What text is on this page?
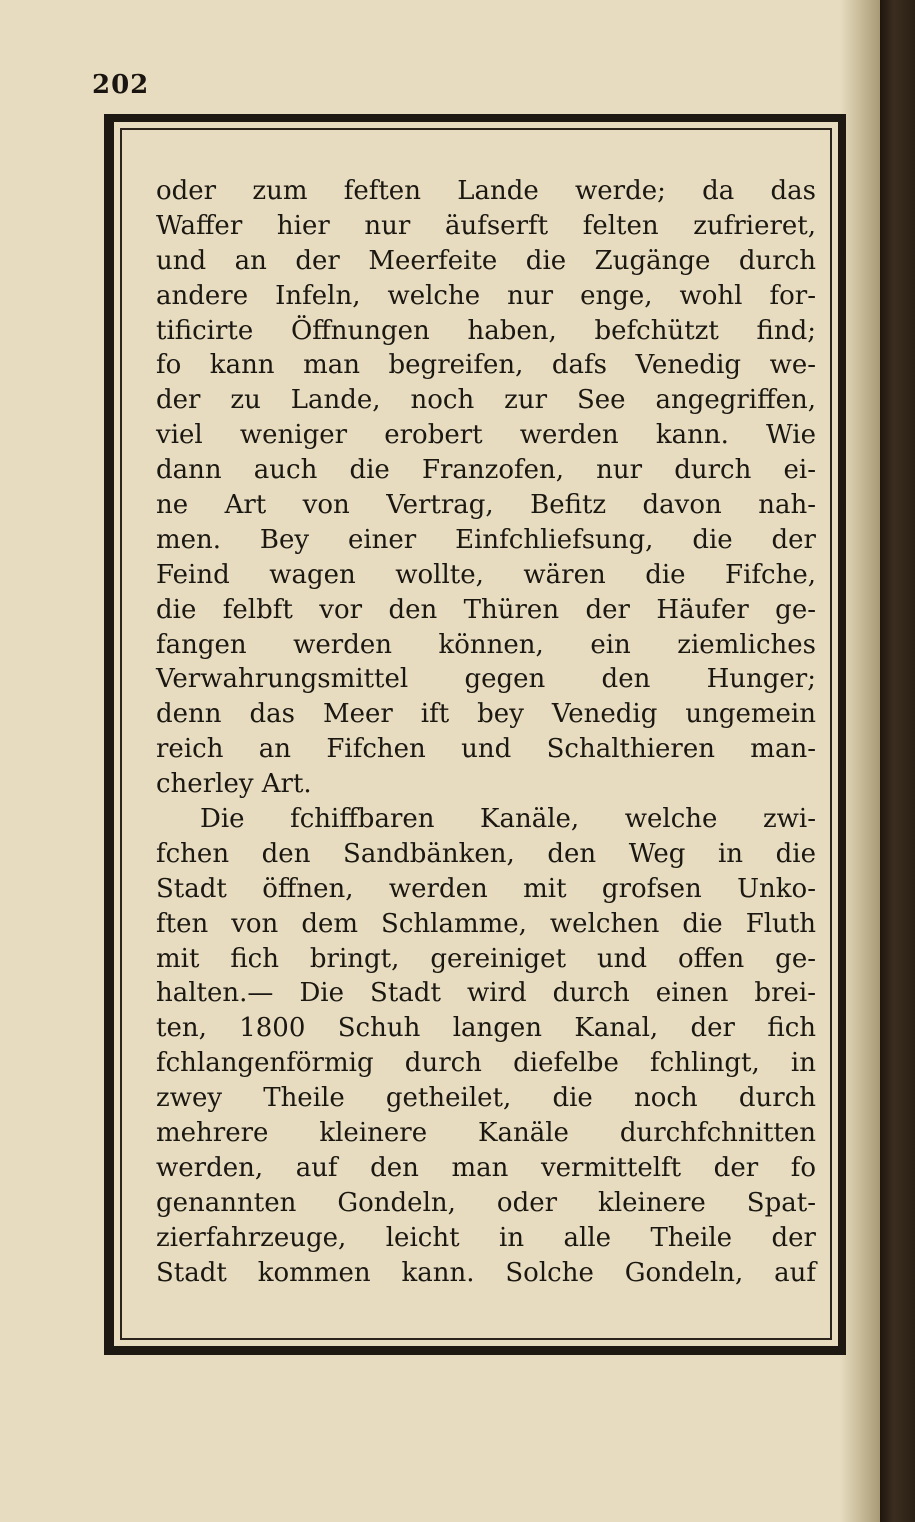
202
oder zum feften Lande werde; da das
Waffer hier nur äufserft felten zufrieret,
und an der Meerfeite die Zugänge durch
andere Infeln, welche nur enge, wohl for-
tificirte Öffnungen haben, befchützt find;
fo kann man begreifen, dafs Venedig we-
der zu Lande, noch zur See angegriffen,
viel weniger erobert werden kann. Wie
dann auch die Franzofen, nur durch ei-
ne Art von Vertrag, Befitz davon nah-
men. Bey einer Einfchliefsung, die der
Feind wagen wollte, wären die Fifche,
die felbft vor den Thüren der Häufer ge-
fangen werden können, ein ziemliches
Verwahrungsmittel gegen den Hunger;
denn das Meer ift bey Venedig ungemein
reich an Fifchen und Schalthieren man-
cherley Art.
Die fchiffbaren Kanäle, welche zwi-
fchen den Sandbänken, den Weg in die
Stadt öffnen, werden mit grofsen Unko-
ften von dem Schlamme, welchen die Fluth
mit fich bringt, gereiniget und offen ge-
halten.— Die Stadt wird durch einen brei-
ten, 1800 Schuh langen Kanal, der fich
fchlangenförmig durch diefelbe fchlingt, in
zwey Theile getheilet, die noch durch
mehrere kleinere Kanäle durchfchnitten
werden, auf den man vermittelft der fo
genannten Gondeln, oder kleinere Spat-
zierfahrzeuge, leicht in alle Theile der
Stadt kommen kann. Solche Gondeln, auf
